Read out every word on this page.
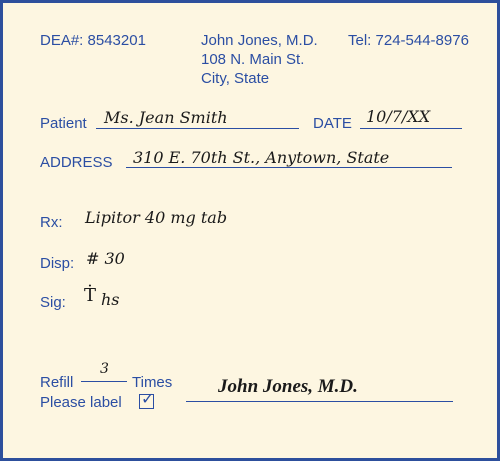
DEA#: 8543201	John Jones, M.D.
108 N. Main St.
City, State
Tel: 724-544-8976
Patient Ms. Jean Smith	DATE 10/7/XX
ADDRESS 310 E. 70th St., Anytown, State
Rx: Lipitor 40 mg tab
Disp: # 30
Sig: Ṫ hs
Refill
3
Times
Please label ✓
John Jones, M.D.
